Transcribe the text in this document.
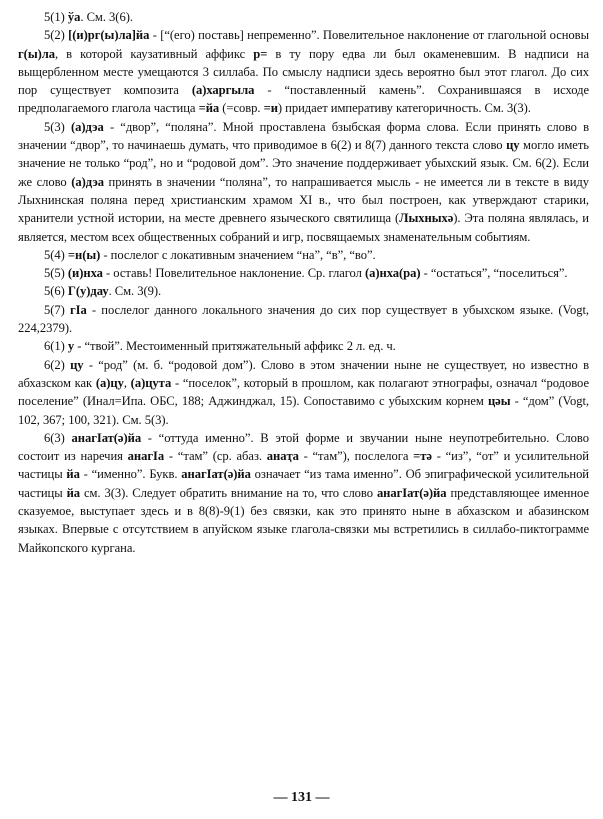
5(1) ўа. См. 3(6).

5(2) [(и)рг(ы)ла]йа - [“(его) поставь] непременно”. Повелительное наклонение от глагольной основы г(ы)ла, в которой каузативный аффикс р= в ту пору едва ли был окаменевшим. В надписи на выщербленном месте умещаются 3 силлаба. По смыслу надписи здесь вероятно был этот глагол. До сих пор существует композита (а)харгыла - “поставленный камень”. Сохранившаяся в исходе предполагаемого глагола частица =йа (=совр. =и) придает императиву категоричность. См. 3(3).

5(3) (а)дэа - “двор”, “поляна”. Мной проставлена бзыбская форма слова. Если принять слово в значении “двор”, то начинаешь думать, что приводимое в 6(2) и 8(7) данного текста слово цу могло иметь значение не только “род”, но и “родовой дом”. Это значение поддерживает убыхский язык. См. 6(2). Если же слово (а)дэа принять в значении “поляна”, то напрашивается мысль - не имеется ли в тексте в виду Лыхнинская поляна перед христианским храмом XI в., что был построен, как утверждают старики, хранители устной истории, на месте древнего языческого святилища (Лыхныхә). Эта поляна являлась, и является, местом всех общественных собраний и игр, посвящаемых знаменательным событиям.

5(4) =н(ы) - послелог с локативным значением “на”, “в”, “во”.

5(5) (и)нха - оставь! Повелительное наклонение. Ср. глагол (а)нха(ра) - “остаться”, “поселиться”.

5(6) Г(у)дау. См. 3(9).

5(7) гIа - послелог данного локального значения до сих пор существует в убыхском языке. (Vogt, 224,2379).

6(1) у - “твой”. Местоименный притяжательный аффикс 2 л. ед. ч.

6(2) цу - “род” (м. б. “родовой дом”). Слово в этом значении ныне не существует, но известно в абхазском как (а)цу, (а)цута - “поселок”, который в прошлом, как полагают этнографы, означал “родовое поселение” (Инал=Ипа. ОБС, 188; Аджинджал, 15). Сопоставимо с убыхским корнем цәы - “дом” (Vogt, 102, 367; 100, 321). См. 5(3).

6(3) анагIат(ә)йа - “оттуда именно”. В этой форме и звучании ныне неупотребительно. Слово состоит из наречия анагIа - “там” (ср. абаз. анаҭа - “там”), послелога =тә - “из”, “от” и усилительной частицы йа - “именно”. Букв. анагIат(ә)йа означает “из тама именно”. Об эпиграфической усилительной частицы йа см. 3(3). Следует обратить внимание на то, что слово анагIат(ә)йа представляющее именное сказуемое, выступает здесь и в 8(8)-9(1) без связки, как это принято ныне в абхазском и абазинском языках. Впервые с отсутствием в апуйском языке глагола-связки мы встретились в силлабо-пиктограмме Майкопского кургана.

— 131 —
